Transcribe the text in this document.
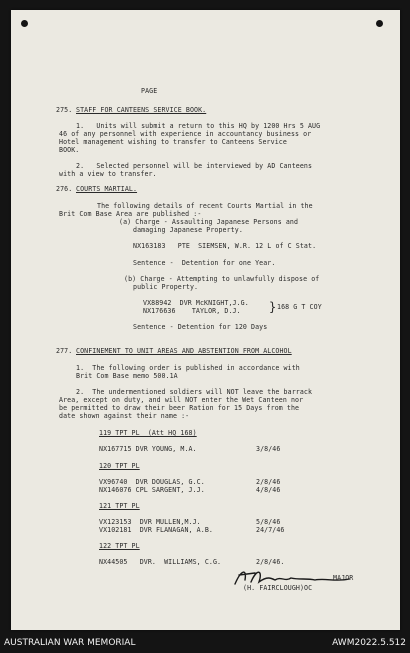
PAGE
275. STAFF FOR CANTEENS SERVICE BOOK.
1.   Units will submit a return to this HQ by 1200 Hrs 5 AUG
46 of any personnel with experience in accountancy business or
Hotel management wishing to transfer to Canteens Service
BOOK.
2.   Selected personnel will be interviewed by AD Canteens
with a view to transfer.
276. COURTS MARTIAL.
The following details of recent Courts Martial in the
Brit Com Base Area are published :-
(a) Charge - Assaulting Japanese Persons and
damaging Japanese Property.
NX163183   PTE  SIEMSEN, W.R. 12 L of C Stat.
Sentence -  Detention for one Year.
(b) Charge - Attempting to unlawfully dispose of
public Property.
VX88942  DVR McKNIGHT,J.G.
NX176636    TAYLOR, D.J. } 168 G T COY
Sentence - Detention for 120 Days
277. CONFINEMENT TO UNIT AREAS AND ABSTENTION FROM ALCOHOL
1.  The following order is published in accordance with
Brit Com Base memo 500.1A
2.  The undermentioned soldiers will NOT leave the barrack
Area, except on duty, and will NOT enter the Wet Canteen nor
be permitted to draw their beer Ration for 15 Days from the
date shown against their name :-
119 TPT PL  (Att HQ 168)
NX167715 DVR YOUNG, M.A.	3/8/46
120 TPT PL
VX96740  DVR DOUGLAS, G.C.	2/8/46
NX146076 CPL SARGENT, J.J.	4/8/46
121 TPT PL
VX123153  DVR MULLEN,M.J.	5/8/46
VX102181  DVR FLANAGAN, A.B.	24/7/46
122 TPT PL
NX44505   DVR.  WILLIAMS, C.G.	2/8/46.
MAJOR
(H. FAIRCLOUGH)OC
AUSTRALIAN WAR MEMORIAL	AWM2022.5.512
